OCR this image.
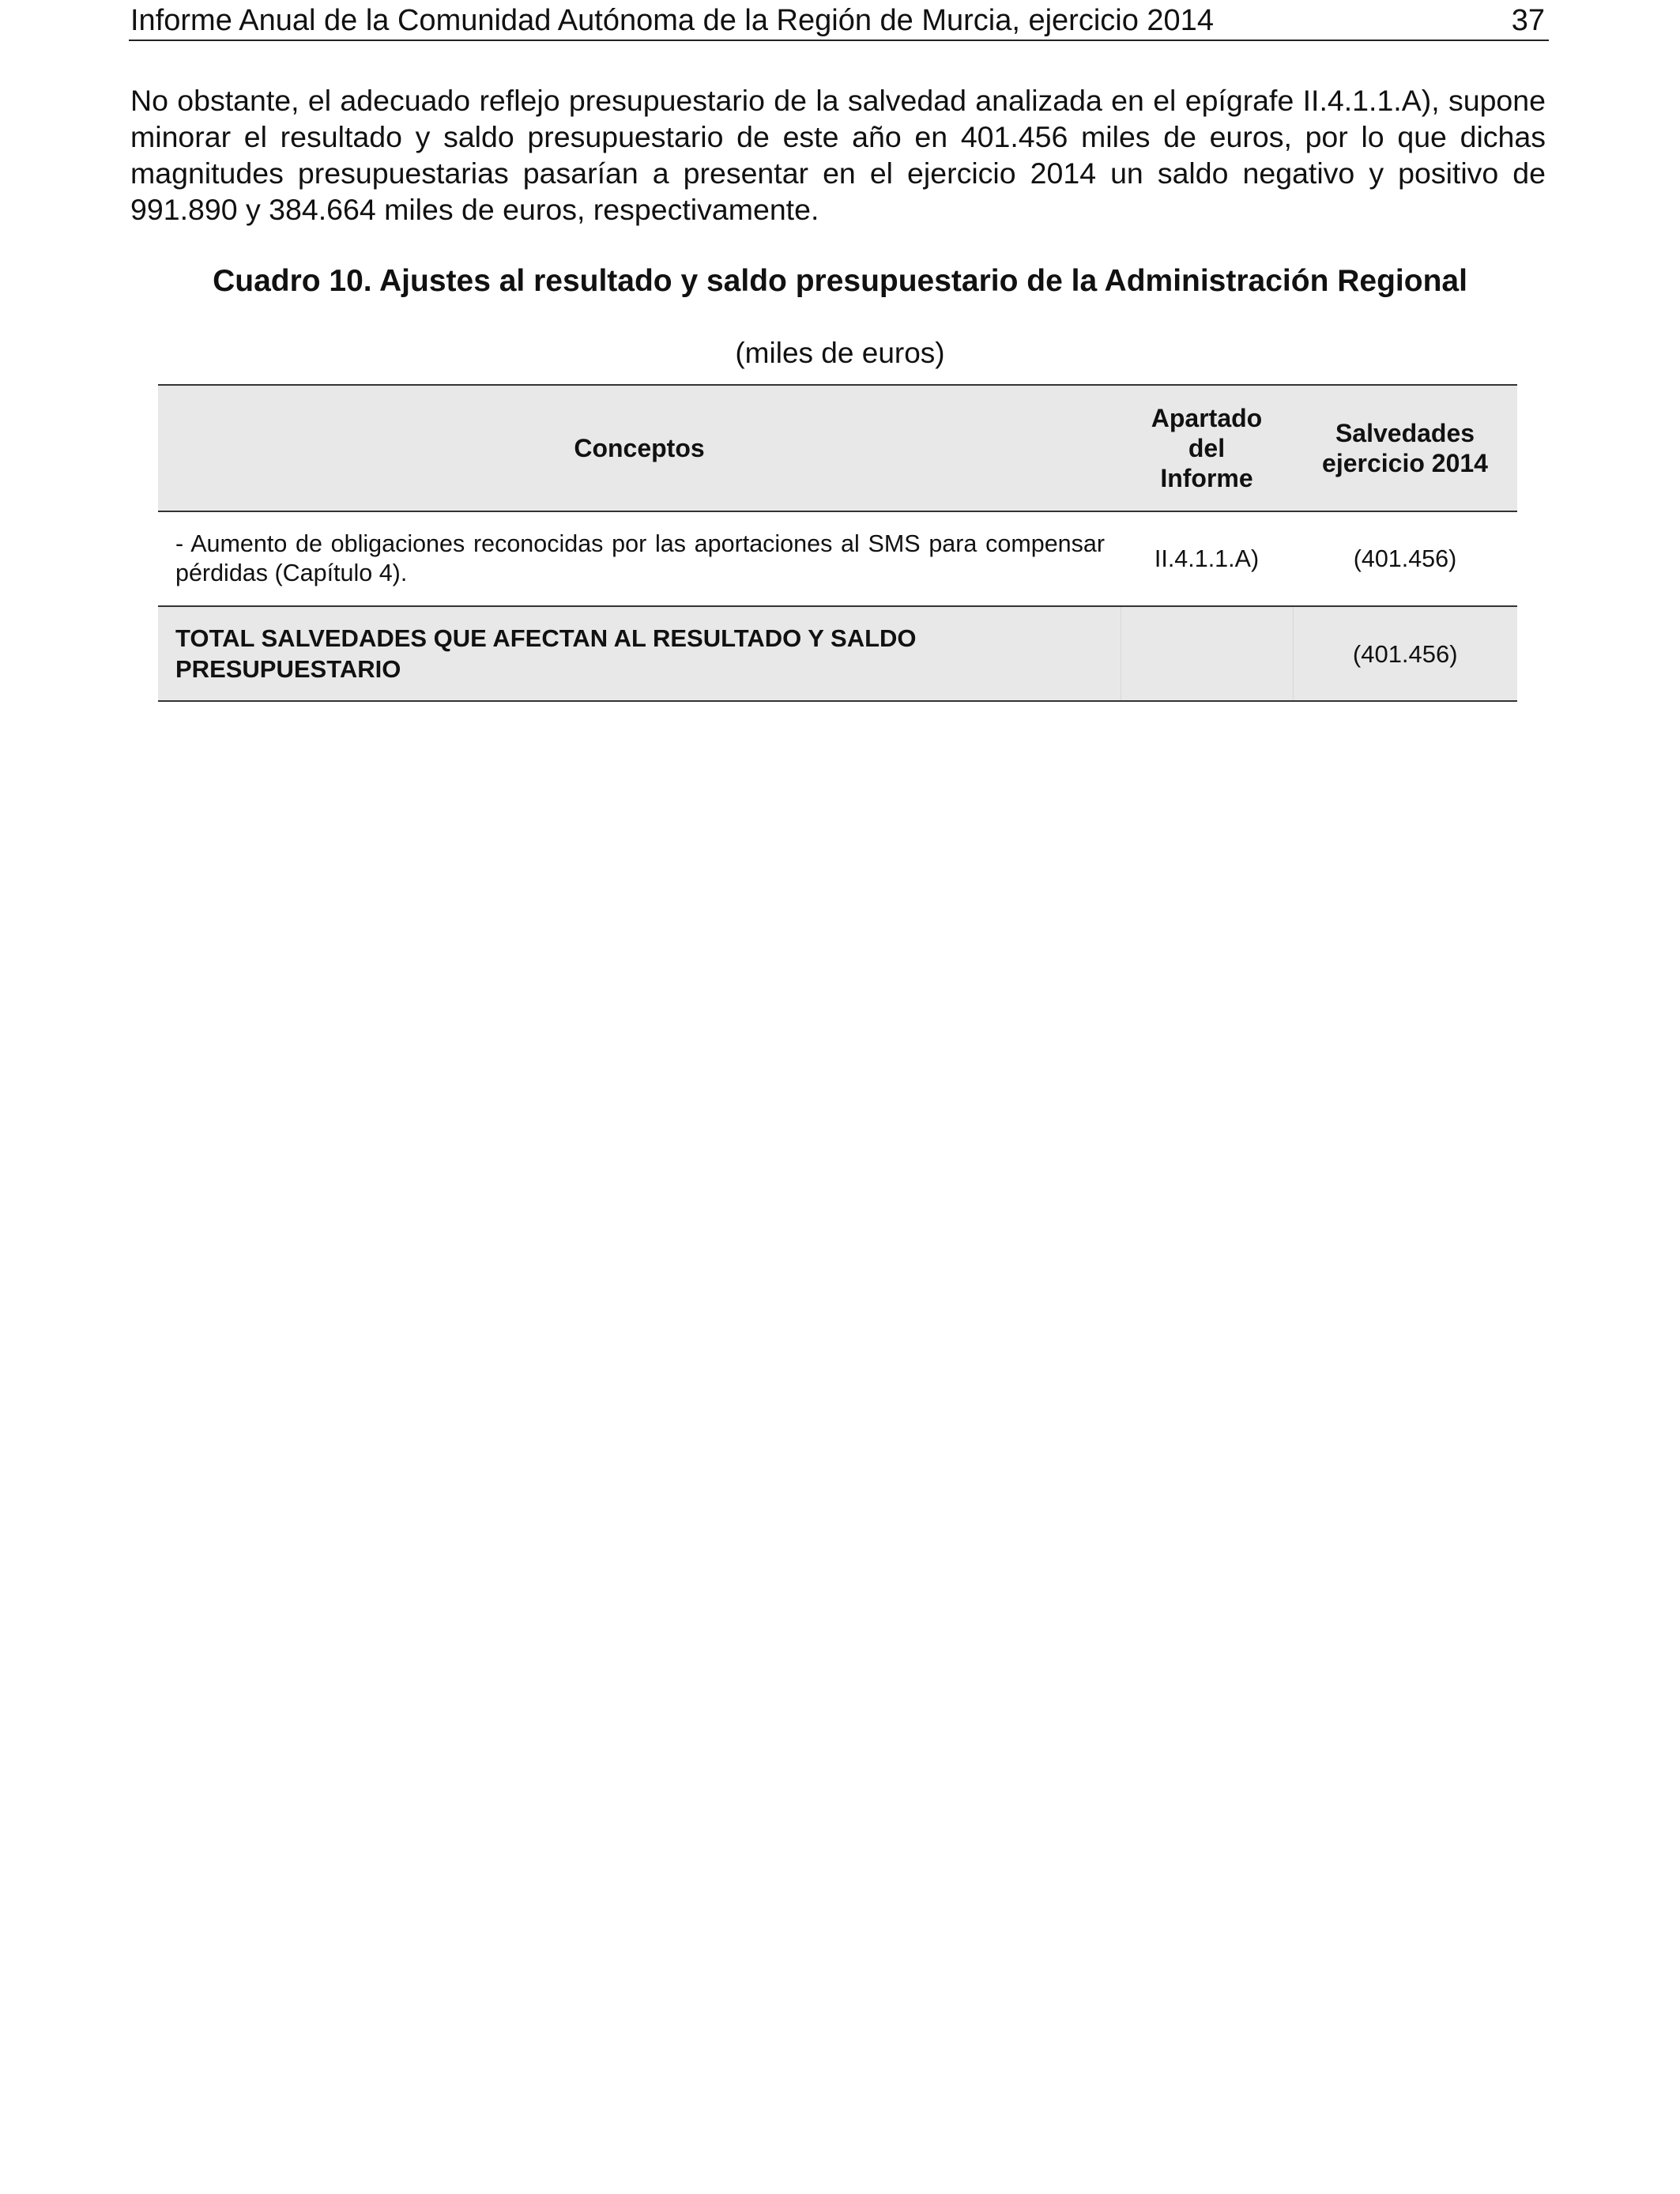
Informe Anual de la Comunidad Autónoma de la Región de Murcia, ejercicio 2014	37

No obstante, el adecuado reflejo presupuestario de la salvedad analizada en el epígrafe II.4.1.1.A), supone minorar el resultado y saldo presupuestario de este año en 401.456 miles de euros, por lo que dichas magnitudes presupuestarias pasarían a presentar en el ejercicio 2014 un saldo negativo y positivo de 991.890 y 384.664 miles de euros, respectivamente.

Cuadro 10. Ajustes al resultado y saldo presupuestario de la Administración Regional

(miles de euros)

Conceptos	Apartado del Informe	Salvedades ejercicio 2014

- Aumento de obligaciones reconocidas por las aportaciones al SMS para compensar pérdidas (Capítulo 4).	II.4.1.1.A)	(401.456)
TOTAL SALVEDADES QUE AFECTAN AL RESULTADO Y SALDO PRESUPUESTARIO		(401.456)
